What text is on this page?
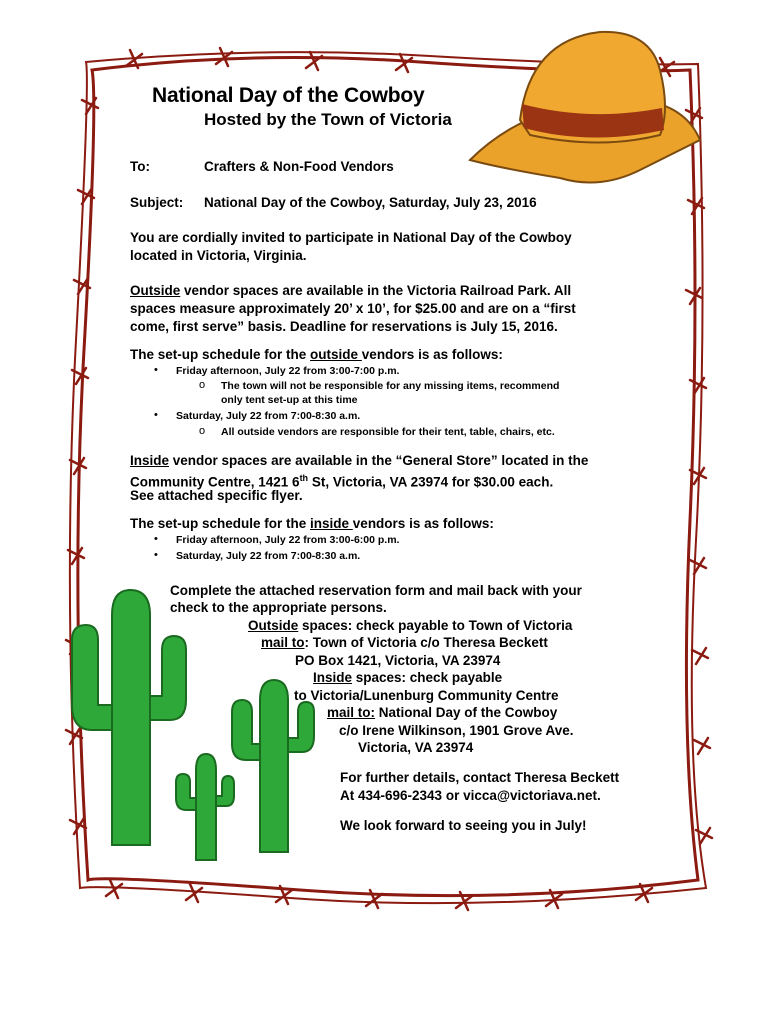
National Day of the Cowboy

Hosted by the Town of Victoria

To:	Crafters & Non-Food Vendors

Subject: National Day of the Cowboy, Saturday, July 23, 2016

You are cordially invited to participate in National Day of the Cowboy

located in Victoria, Virginia.

Outside vendor spaces are available in the Victoria Railroad Park. All

spaces measure approximately 20’ x 10’, for $25.00 and are on a “first

come, first serve” basis. Deadline for reservations is July 15, 2016.

The set-up schedule for the outside vendors is as follows:

• Friday afternoon, July 22 from 3:00-7:00 p.m.

o The town will not be responsible for any missing items, recommend

only tent set-up at this time

• Saturday, July 22 from 7:00-8:30 a.m.

o All outside vendors are responsible for their tent, table, chairs, etc.

Inside vendor spaces are available in the “General Store” located in the

Community Centre, 1421 6th St, Victoria, VA 23974 for $30.00 each.

See attached specific flyer.

The set-up schedule for the inside vendors is as follows:

• Friday afternoon, July 22 from 3:00-6:00 p.m.

• Saturday, July 22 from 7:00-8:30 a.m.

Complete the attached reservation form and mail back with your

check to the appropriate persons.

Outside spaces: check payable to Town of Victoria

mail to: Town of Victoria c/o Theresa Beckett

PO Box 1421, Victoria, VA 23974

Inside spaces: check payable

to Victoria/Lunenburg Community Centre

mail to: National Day of the Cowboy

c/o Irene Wilkinson, 1901 Grove Ave.

Victoria, VA 23974

For further details, contact Theresa Beckett

At 434-696-2343 or vicca@victoriava.net.

We look forward to seeing you in July!
